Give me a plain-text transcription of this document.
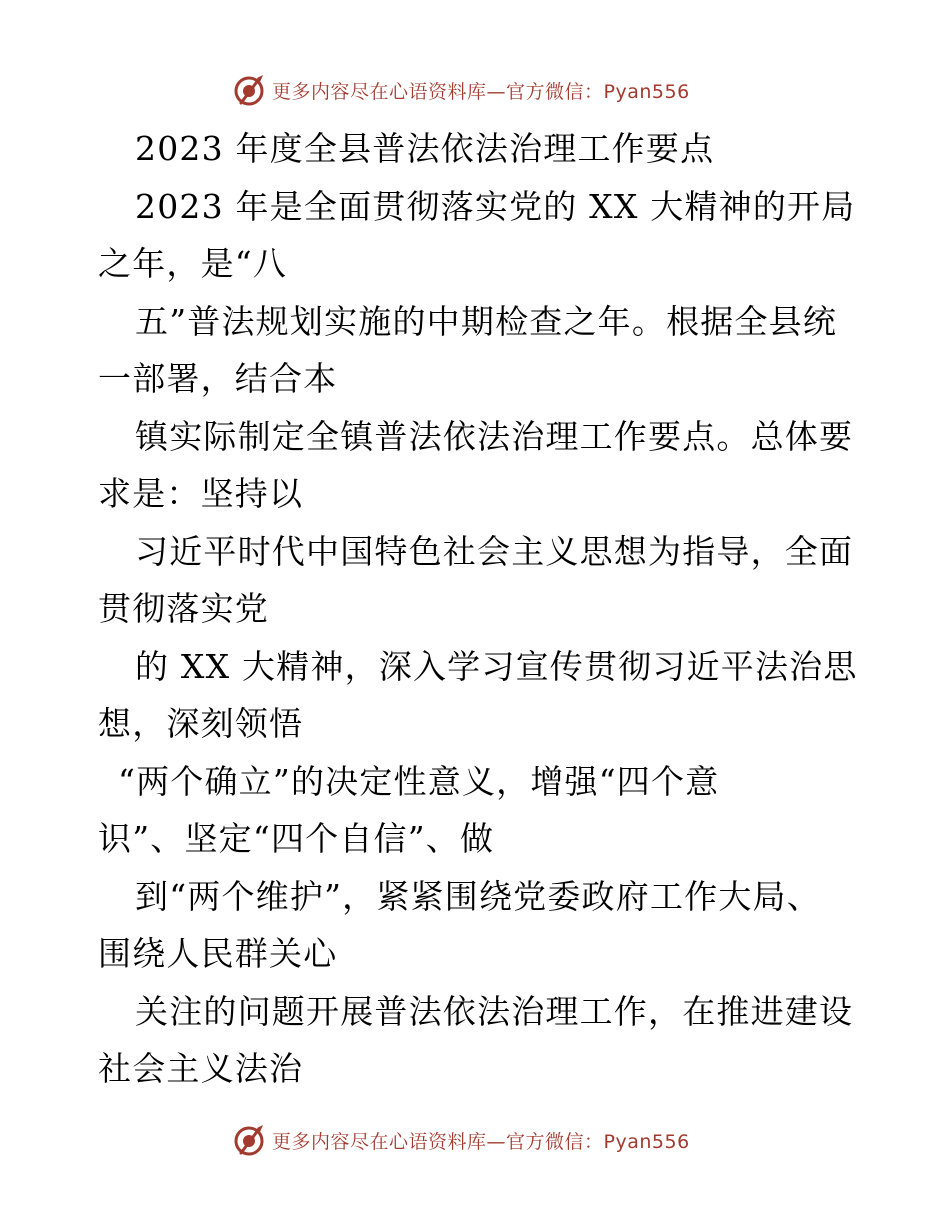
更多内容尽在心语资料库—官方微信：Pyan556
2023 年度全县普法依法治理工作要点
2023 年是全面贯彻落实党的 XX 大精神的开局
之年，是“八
五”普法规划实施的中期检查之年。根据全县统
一部署，结合本
镇实际制定全镇普法依法治理工作要点。总体要
求是：坚持以
习近平时代中国特色社会主义思想为指导，全面
贯彻落实党
的 XX 大精神，深入学习宣传贯彻习近平法治思
想，深刻领悟
“两个确立”的决定性意义，增强“四个意
识”、坚定“四个自信”、做
到“两个维护”，紧紧围绕党委政府工作大局、
围绕人民群关心
关注的问题开展普法依法治理工作，在推进建设
社会主义法治
更多内容尽在心语资料库—官方微信：Pyan556
